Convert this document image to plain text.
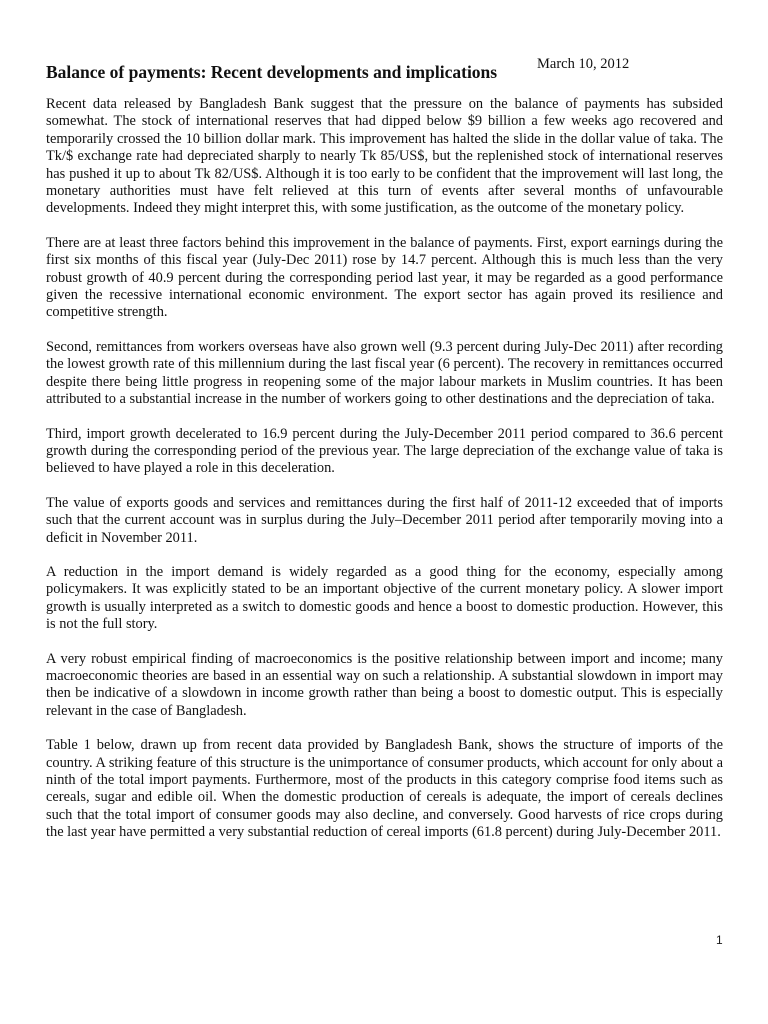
Balance of payments: Recent developments and implications	March 10, 2012

Recent data released by Bangladesh Bank suggest that the pressure on the balance of payments has subsided somewhat. The stock of international reserves that had dipped below $9 billion a few weeks ago recovered and temporarily crossed the 10 billion dollar mark. This improvement has halted the slide in the dollar value of taka. The Tk/$ exchange rate had depreciated sharply to nearly Tk 85/US$, but the replenished stock of international reserves has pushed it up to about Tk 82/US$. Although it is too early to be confident that the improvement will last long, the monetary authorities must have felt relieved at this turn of events after several months of unfavourable developments. Indeed they might interpret this, with some justification, as the outcome of the monetary policy.

There are at least three factors behind this improvement in the balance of payments. First, export earnings during the first six months of this fiscal year (July-Dec 2011) rose by 14.7 percent. Although this is much less than the very robust growth of 40.9 percent during the corresponding period last year, it may be regarded as a good performance given the recessive international economic environment. The export sector has again proved its resilience and competitive strength.

Second, remittances from workers overseas have also grown well (9.3 percent during July-Dec 2011) after recording the lowest growth rate of this millennium during the last fiscal year (6 percent). The recovery in remittances occurred despite there being little progress in reopening some of the major labour markets in Muslim countries. It has been attributed to a substantial increase in the number of workers going to other destinations and the depreciation of taka.

Third, import growth decelerated to 16.9 percent during the July-December 2011 period compared to 36.6 percent growth during the corresponding period of the previous year. The large depreciation of the exchange value of taka is believed to have played a role in this deceleration.

The value of exports goods and services and remittances during the first half of 2011-12 exceeded that of imports such that the current account was in surplus during the July–December 2011 period after temporarily moving into a deficit in November 2011.

A reduction in the import demand is widely regarded as a good thing for the economy, especially among policymakers. It was explicitly stated to be an important objective of the current monetary policy. A slower import growth is usually interpreted as a switch to domestic goods and hence a boost to domestic production. However, this is not the full story.

A very robust empirical finding of macroeconomics is the positive relationship between import and income; many macroeconomic theories are based in an essential way on such a relationship. A substantial slowdown in import may then be indicative of a slowdown in income growth rather than being a boost to domestic output. This is especially relevant in the case of Bangladesh.

Table 1 below, drawn up from recent data provided by Bangladesh Bank, shows the structure of imports of the country. A striking feature of this structure is the unimportance of consumer products, which account for only about a ninth of the total import payments. Furthermore, most of the products in this category comprise food items such as cereals, sugar and edible oil. When the domestic production of cereals is adequate, the import of cereals declines such that the total import of consumer goods may also decline, and conversely. Good harvests of rice crops during the last year have permitted a very substantial reduction of cereal imports (61.8 percent) during July-December 2011.

1
